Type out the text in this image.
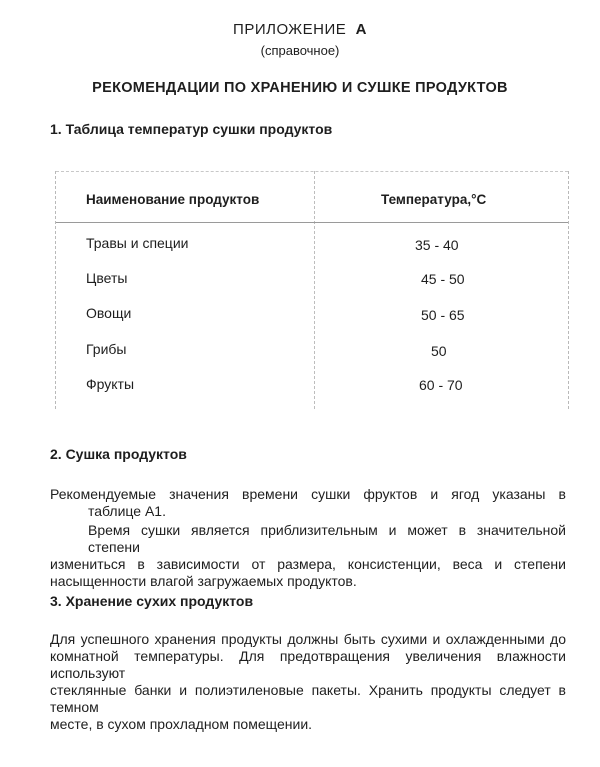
ПРИЛОЖЕНИЕ А
(справочное)
РЕКОМЕНДАЦИИ ПО ХРАНЕНИЮ И СУШКЕ ПРОДУКТОВ
1. Таблица температур сушки продуктов
Наименование продуктов	Температура,°С
Травы и специи	35 - 40
Цветы	45 - 50
Овощи	50 - 65
Грибы	50
Фрукты	60 - 70
2. Сушка продуктов
Рекомендуемые значения времени сушки фруктов и ягод указаны в
таблице А1.
Время сушки является приблизительным и может в значительной степени
измениться в зависимости от размера, консистенции, веса и степени
насыщенности влагой загружаемых продуктов.
3. Хранение сухих продуктов
Для успешного хранения продукты должны быть сухими и охлажденными до
комнатной температуры. Для предотвращения увеличения влажности используют
стеклянные банки и полиэтиленовые пакеты. Хранить продукты следует в темном
месте, в сухом прохладном помещении.
